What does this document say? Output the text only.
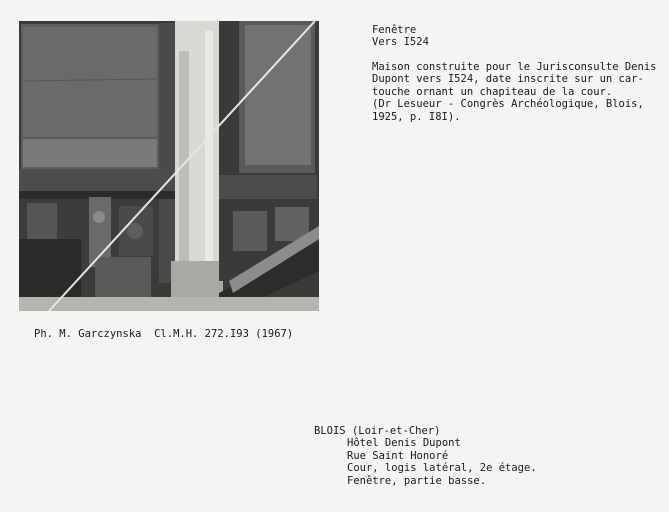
Fenêtre
Vers I524
Maison construite pour le Jurisconsulte Denis
Dupont vers I524, date inscrite sur un car-
touche ornant un chapiteau de la cour.
(Dr Lesueur - Congrès Archéologique, Blois,
1925, p. I8I).
Ph. M. Garczynska  Cl.M.H. 272.I93 (1967)
BLOIS (Loir-et-Cher)
Hôtel Denis Dupont
Rue Saint Honoré
Cour, logis latéral, 2e étage.
Fenêtre, partie basse.
